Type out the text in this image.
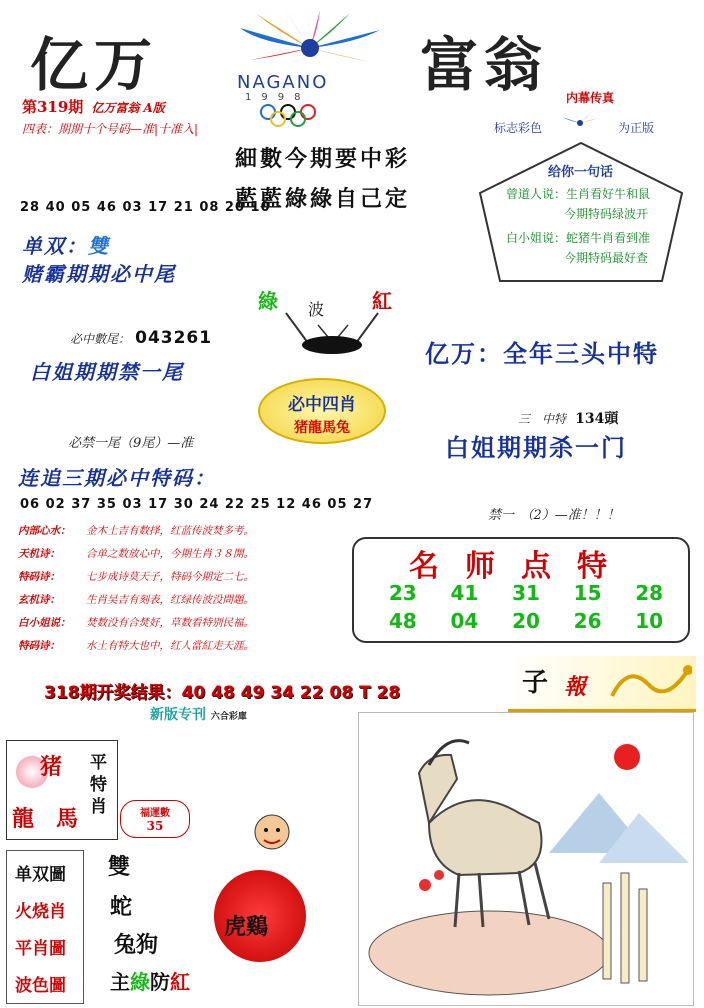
亿万	富翁
NAGANO
1998
第319期 亿万富翁 A版
四表：期期十个号码—准|十准入|
細數今期要中彩
藍藍綠綠自己定
内幕传真
标志彩色	为正版
给你一句话
曾道人说：生肖看好牛和鼠
今期特码绿波开
白小姐说：蛇猪牛肖看到准
今期特码最好查
28 40 05 46 03 17 21 08 20 10
单双：雙
赌霸期期必中尾
綠 波 紅
必中數尾： 043261
白姐期期禁一尾
亿万：全年三头中特
必中四肖
猪龍馬兔
三　中特 134頭
必禁一尾（9尾）—准	白姐期期杀一门
连追三期必中特码：
06 02 37 35 03 17 30 24 22 25 12 46 05 27
禁一　（2）—准！！！
内部心水： 金木土吉有数择，红蓝传波焚多考。
天机诗： 合单之数放心中，今期生肖３８開。
特码诗： 七步成诗莫天子，特码今期定二七。
玄机诗： 生肖吴吉有刻表，红绿传波没問題。
白小姐说： 焚数没有合焚好，草数看特别民福。
特码诗： 水土有特大也中，红人當紅走天涯。
名师点特
23	41	31	15	28
48	04	20	26	10
318期开奖结果：40 48 49 34 22 08 T 28
新版专刊 六合彩庫
子 報
猪
龍　馬
平特肖	福運數
35
单双圖
火烧肖
平肖圖
波色圖
雙
蛇
兔狗
虎鷄
主綠防紅
